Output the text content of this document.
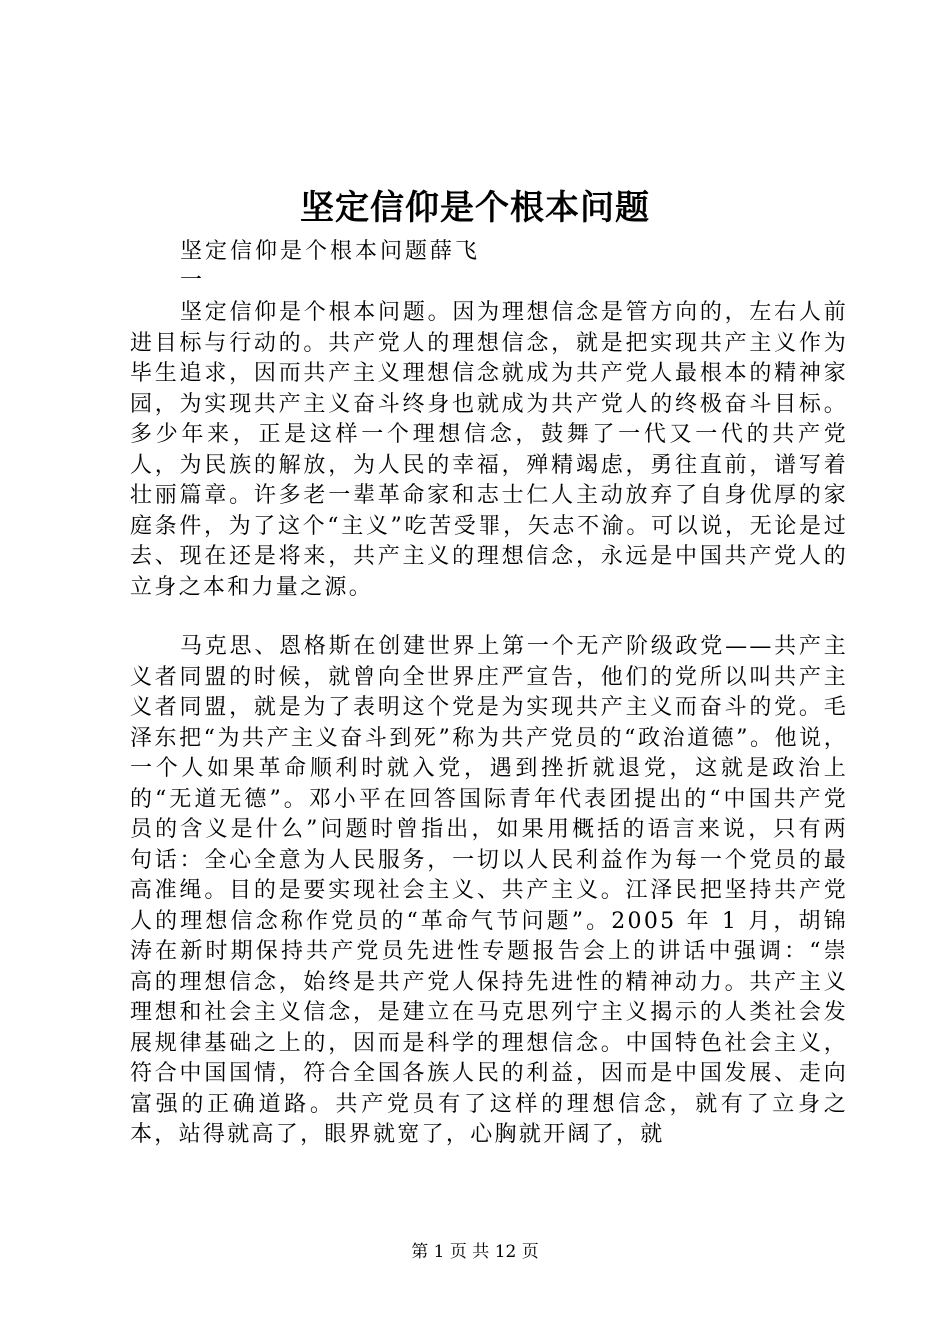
坚定信仰是个根本问题
坚定信仰是个根本问题薛飞
一

坚定信仰是个根本问题。因为理想信念是管方向的，左右人前进目标与行动的。共产党人的理想信念，就是把实现共产主义作为毕生追求，因而共产主义理想信念就成为共产党人最根本的精神家园，为实现共产主义奋斗终身也就成为共产党人的终极奋斗目标。多少年来，正是这样一个理想信念，鼓舞了一代又一代的共产党人，为民族的解放，为人民的幸福，殚精竭虑，勇往直前，谱写着壮丽篇章。许多老一辈革命家和志士仁人主动放弃了自身优厚的家庭条件，为了这个“主义”吃苦受罪，矢志不渝。可以说，无论是过去、现在还是将来，共产主义的理想信念，永远是中国共产党人的立身之本和力量之源。

马克思、恩格斯在创建世界上第一个无产阶级政党——共产主义者同盟的时候，就曾向全世界庄严宣告，他们的党所以叫共产主义者同盟，就是为了表明这个党是为实现共产主义而奋斗的党。毛泽东把“为共产主义奋斗到死”称为共产党员的“政治道德”。他说，一个人如果革命顺利时就入党，遇到挫折就退党，这就是政治上的“无道无德”。邓小平在回答国际青年代表团提出的“中国共产党员的含义是什么”问题时曾指出，如果用概括的语言来说，只有两句话：全心全意为人民服务，一切以人民利益作为每一个党员的最高准绳。目的是要实现社会主义、共产主义。江泽民把坚持共产党人的理想信念称作党员的“革命气节问题”。2005 年 1 月，胡锦涛在新时期保持共产党员先进性专题报告会上的讲话中强调：“崇高的理想信念，始终是共产党人保持先进性的精神动力。共产主义理想和社会主义信念，是建立在马克思列宁主义揭示的人类社会发展规律基础之上的，因而是科学的理想信念。中国特色社会主义，符合中国国情，符合全国各族人民的利益，因而是中国发展、走向富强的正确道路。共产党员有了这样的理想信念，就有了立身之本，站得就高了，眼界就宽了，心胸就开阔了，就

第 1 页 共 12 页
